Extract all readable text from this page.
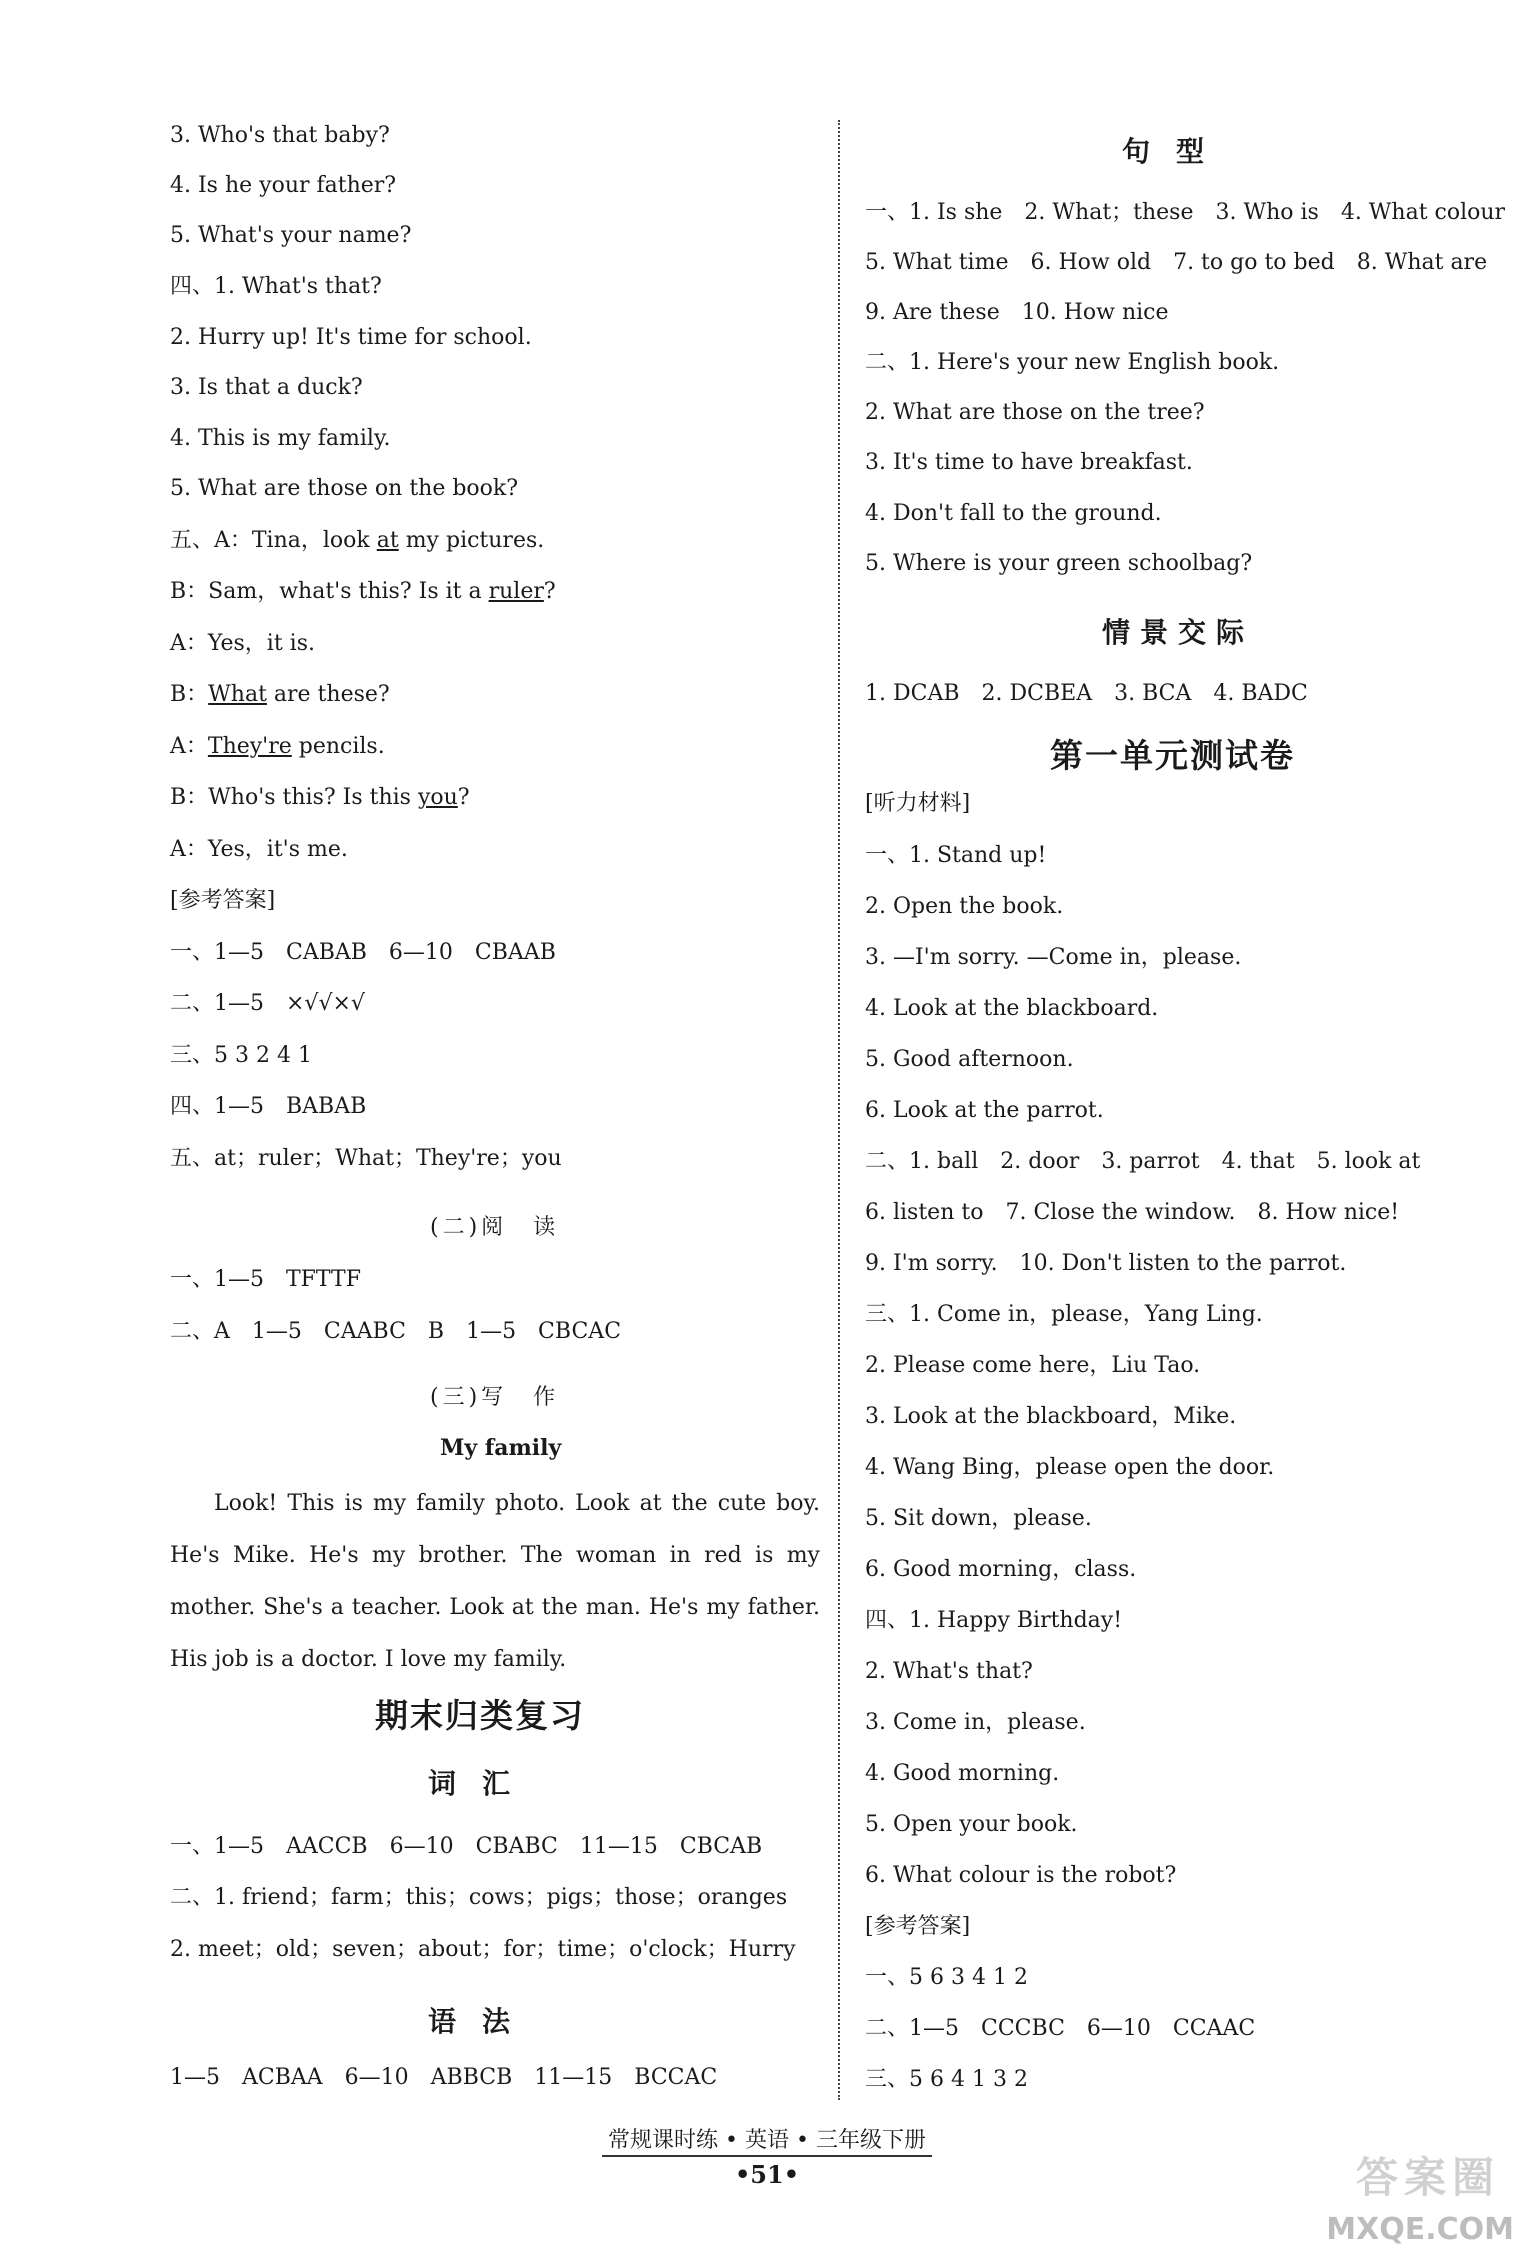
3. Who's that baby?
4. Is he your father?
5. What's your name?
四、1. What's that?
2. Hurry up! It's time for school.
3. Is that a duck?
4. This is my family.
5. What are those on the book?
五、A：Tina，look at my pictures.
B：Sam，what's this? Is it a ruler?
A：Yes，it is.
B：What are these?
A：They're pencils.
B：Who's this? Is this you?
A：Yes，it's me.
[参考答案]
一、1—5　CABAB　6—10　CBAAB
二、1—5　×√√×√
三、5 3 2 4 1
四、1—5　BABAB
五、at；ruler；What；They're；you
(二)阅　读
一、1—5　TFTTF
二、A　1—5　CAABC　B　1—5　CBCAC
(三)写　作
My family
Look! This is my family photo. Look at the cute boy. He's Mike. He's my brother. The woman in red is my mother. She's a teacher. Look at the man. He's my father. His job is a doctor. I love my family.
期末归类复习
词汇
一、1—5　AACCB　6—10　CBABC　11—15　CBCAB
二、1. friend；farm；this；cows；pigs；those；oranges
2. meet；old；seven；about；for；time；o'clock；Hurry
语法
1—5　ACBAA　6—10　ABBCB　11—15　BCCAC
句型
一、1. Is she　2. What；these　3. Who is　4. What colour
5. What time　6. How old　7. to go to bed　8. What are
9. Are these　10. How nice
二、1. Here's your new English book.
2. What are those on the tree?
3. It's time to have breakfast.
4. Don't fall to the ground.
5. Where is your green schoolbag?
情景交际
1. DCAB　2. DCBEA　3. BCA　4. BADC
第一单元测试卷
[听力材料]
一、1. Stand up!
2. Open the book.
3. —I'm sorry. —Come in，please.
4. Look at the blackboard.
5. Good afternoon.
6. Look at the parrot.
二、1. ball　2. door　3. parrot　4. that　5. look at
6. listen to　7. Close the window.　8. How nice!
9. I'm sorry.　10. Don't listen to the parrot.
三、1. Come in，please，Yang Ling.
2. Please come here，Liu Tao.
3. Look at the blackboard，Mike.
4. Wang Bing，please open the door.
5. Sit down，please.
6. Good morning，class.
四、1. Happy Birthday!
2. What's that?
3. Come in，please.
4. Good morning.
5. Open your book.
6. What colour is the robot?
[参考答案]
一、5 6 3 4 1 2
二、1—5　CCCBC　6—10　CCAAC
三、5 6 4 1 3 2
常规课时练 • 英语 • 三年级下册
•51•	答案圈
MXQE.COM
